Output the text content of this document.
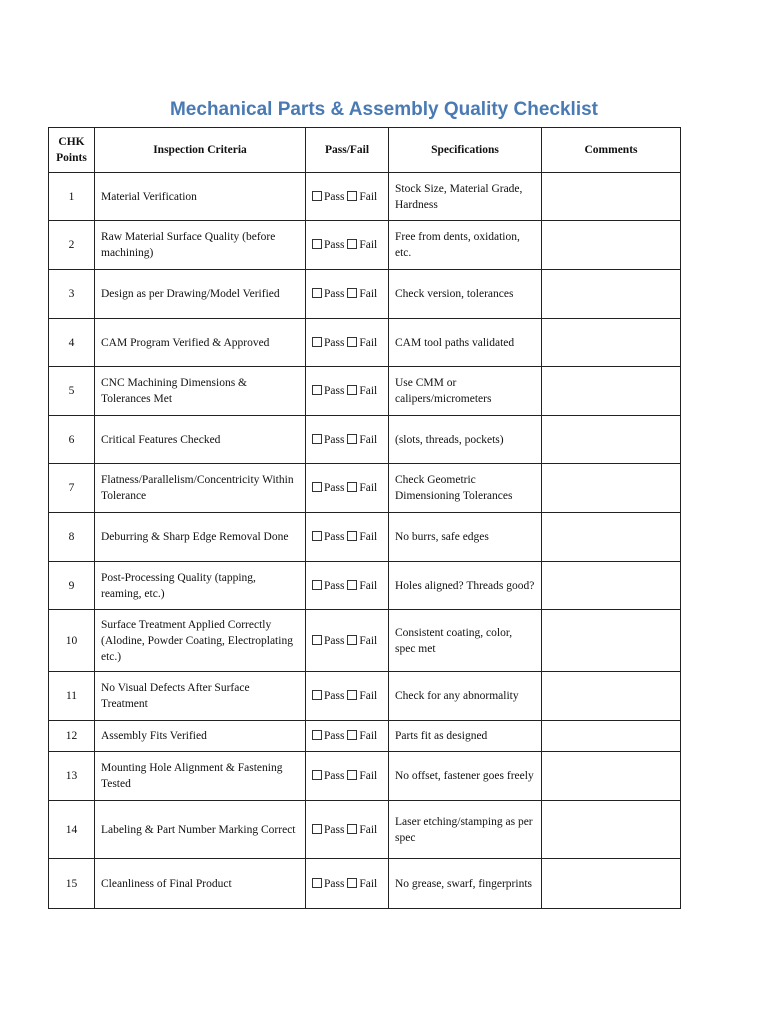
Mechanical Parts & Assembly Quality Checklist
CHK
Points	Inspection Criteria	Pass/Fail	Specifications	Comments
1	Material Verification	Pass Fail	Stock Size, Material Grade, Hardness	
2	Raw Material Surface Quality (before machining)	Pass Fail	Free from dents, oxidation, etc.	
3	Design as per Drawing/Model Verified	Pass Fail	Check version, tolerances	
4	CAM Program Verified & Approved	Pass Fail	CAM tool paths validated	
5	CNC Machining Dimensions & Tolerances Met	Pass Fail	Use CMM or calipers/micrometers	
6	Critical Features Checked	Pass Fail	(slots, threads, pockets)	
7	Flatness/Parallelism/Concentricity Within Tolerance	Pass Fail	Check Geometric Dimensioning Tolerances	
8	Deburring & Sharp Edge Removal Done	Pass Fail	No burrs, safe edges	
9	Post-Processing Quality (tapping, reaming, etc.)	Pass Fail	Holes aligned? Threads good?	
10	Surface Treatment Applied Correctly (Alodine, Powder Coating, Electroplating etc.)	Pass Fail	Consistent coating, color, spec met	
11	No Visual Defects After Surface Treatment	Pass Fail	Check for any abnormality	
12	Assembly Fits Verified	Pass Fail	Parts fit as designed	
13	Mounting Hole Alignment & Fastening Tested	Pass Fail	No offset, fastener goes freely	
14	Labeling & Part Number Marking Correct	Pass Fail	Laser etching/stamping as per spec	
15	Cleanliness of Final Product	Pass Fail	No grease, swarf, fingerprints	
